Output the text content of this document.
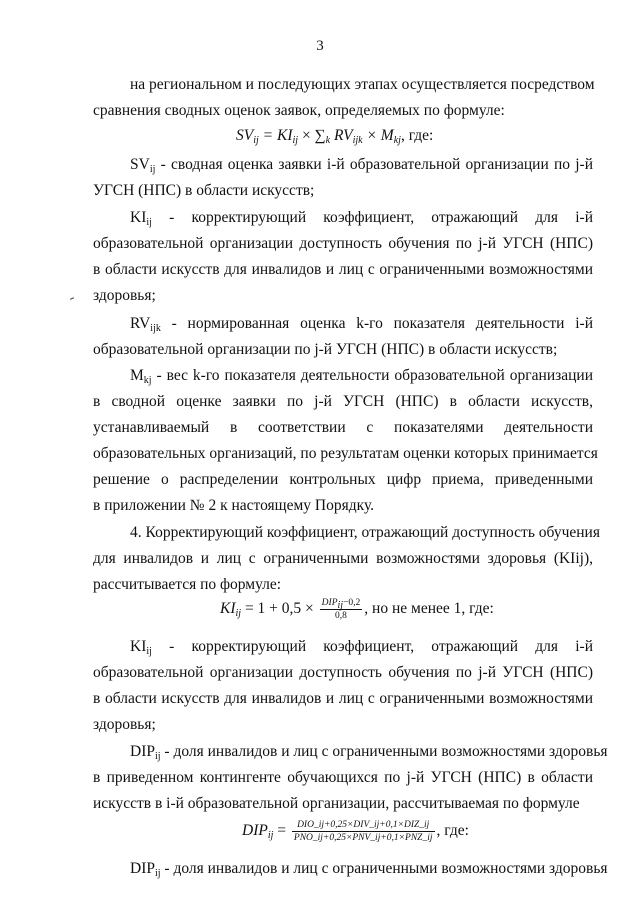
3
на региональном и последующих этапах осуществляется посредством
сравнения сводных оценок заявок, определяемых по формуле:
$SV_{ij} = KI_{ij} \times \sum_k$ $RV_{ijk} \times M_{kj}$, где:
$SV_{ij}$ - сводная оценка заявки i-й образовательной организации по j-й
УГСН (НПС) в области искусств;
$KI_{ij}$ - корректирующий коэффициент, отражающий для i-й
образовательной организации доступность обучения по j-й УГСН (НПС)
в области искусств для инвалидов и лиц с ограниченными возможностями
здоровья;
$RV_{ijk}$ - нормированная оценка k-го показателя деятельности i-й
образовательной организации по j-й УГСН (НПС) в области искусств;
$M_{kj}$ - вес k-го показателя деятельности образовательной организации
в сводной оценке заявки по j-й УГСН (НПС) в области искусств,
устанавливаемый в соответствии с показателями деятельности
образовательных организаций, по результатам оценки которых принимается
решение о распределении контрольных цифр приема, приведенными
в приложении № 2 к настоящему Порядку.
4. Корректирующий коэффициент, отражающий доступность обучения
для инвалидов и лиц с ограниченными возможностями здоровья (KIij),
рассчитывается по формуле:
$KI_{ij} = 1 + 0,5 \times \frac{DIP_{ij}-0,2}{0,8}$ , но не менее 1, где:
$KI_{ij}$ - корректирующий коэффициент, отражающий для i-й
образовательной организации доступность обучения по j-й УГСН (НПС)
в области искусств для инвалидов и лиц с ограниченными возможностями
здоровья;
$DIP_{ij}$ - доля инвалидов и лиц с ограниченными возможностями здоровья
в приведенном контингенте обучающихся по j-й УГСН (НПС) в области
искусств в i-й образовательной организации, рассчитываемая по формуле
$DIP_{ij} = \frac{\text{DIO\_ij+0,25×DIV\_ij+0,1×DIZ\_ij}}{\text{PNO\_ij+0,25×PNV\_ij+0,1×PNZ\_ij}}$ , где:
$DIP_{ij}$ - доля инвалидов и лиц с ограниченными возможностями здоровья
